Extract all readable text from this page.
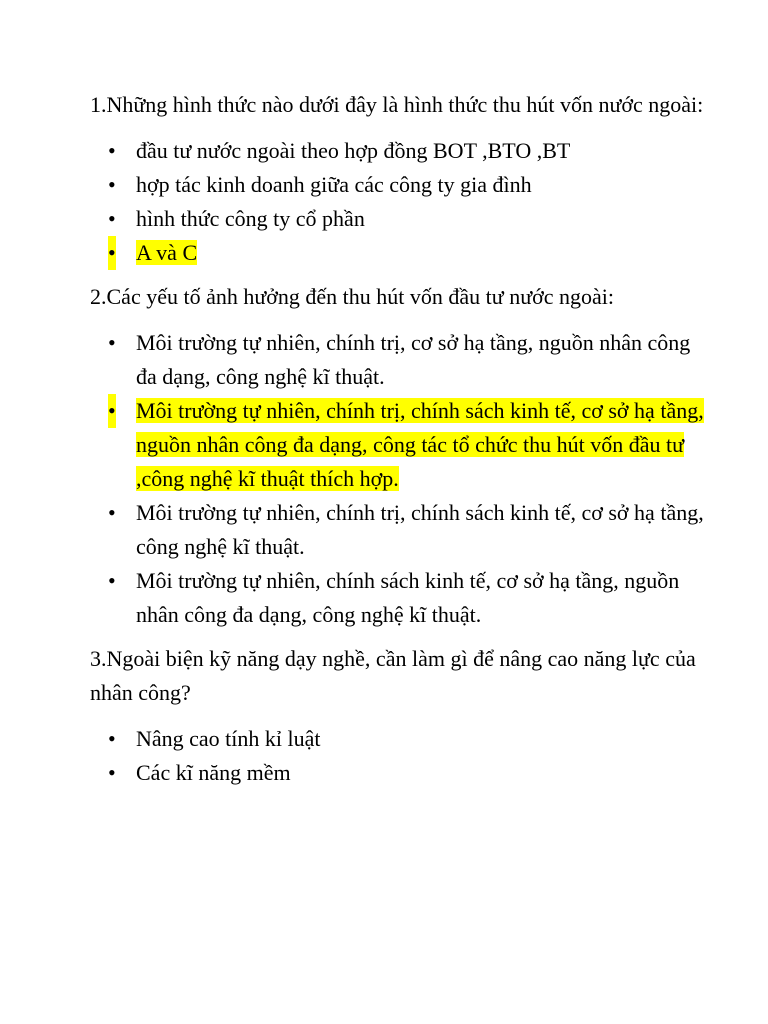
1.Những hình thức nào dưới đây là hình thức thu hút vốn nước ngoài:

• đầu tư nước ngoài theo hợp đồng BOT ,BTO ,BT
• hợp tác kinh doanh giữa các công ty gia đình
• hình thức công ty cổ phần
• A và C

2.Các yếu tố ảnh hưởng đến thu hút vốn đầu tư nước ngoài:

• Môi trường tự nhiên, chính trị, cơ sở hạ tầng, nguồn nhân công đa dạng, công nghệ kĩ thuật.
• Môi trường tự nhiên, chính trị, chính sách kinh tế, cơ sở hạ tầng, nguồn nhân công đa dạng, công tác tổ chức thu hút vốn đầu tư ,công nghệ kĩ thuật thích hợp.
• Môi trường tự nhiên, chính trị, chính sách kinh tế, cơ sở hạ tầng, công nghệ kĩ thuật.
• Môi trường tự nhiên, chính sách kinh tế, cơ sở hạ tầng, nguồn nhân công đa dạng, công nghệ kĩ thuật.

3.Ngoài biện kỹ năng dạy nghề, cần làm gì để nâng cao năng lực của nhân công?

• Nâng cao tính kỉ luật
• Các kĩ năng mềm
